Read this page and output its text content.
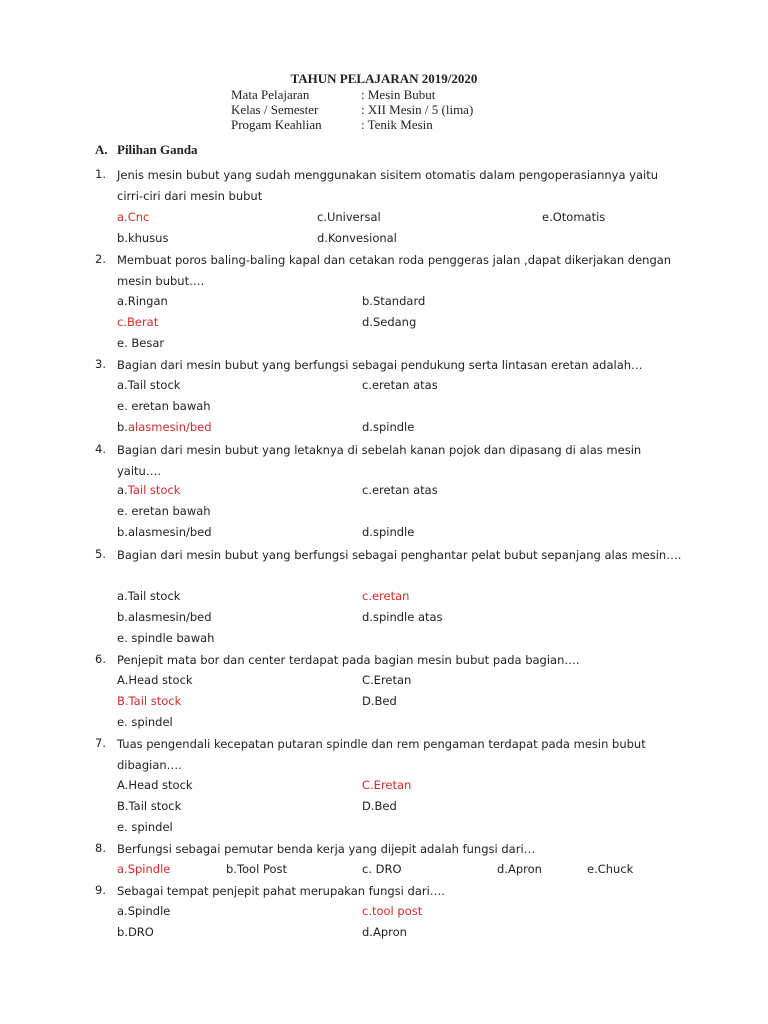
TAHUN PELAJARAN 2019/2020
Mata Pelajaran	: Mesin Bubut
Kelas / Semester	: XII Mesin / 5 (lima)
Progam Keahlian	: Tenik Mesin
A. Pilihan Ganda
1. Jenis mesin bubut yang sudah menggunakan sisitem otomatis dalam pengoperasiannya yaitu cirri-ciri dari mesin bubut
a.Cnc	c.Universal	e.Otomatis
b.khusus	d.Konvesional
2. Membuat poros baling-baling kapal dan cetakan roda penggeras jalan ,dapat dikerjakan dengan mesin bubut….
a.Ringan	b.Standard
c.Berat	d.Sedang
e. Besar
3. Bagian dari mesin bubut yang berfungsi sebagai pendukung serta lintasan eretan adalah…
a.Tail stock	c.eretan atas
e. eretan bawah
b.alasmesin/bed	d.spindle
4. Bagian dari mesin bubut yang letaknya di sebelah kanan pojok dan dipasang di alas mesin yaitu….
a.Tail stock	c.eretan atas
e. eretan bawah
b.alasmesin/bed	d.spindle
5. Bagian dari mesin bubut yang berfungsi sebagai penghantar pelat bubut sepanjang alas mesin….
a.Tail stock	c.eretan
b.alasmesin/bed	d.spindle atas
e. spindle bawah
6. Penjepit mata bor dan center terdapat pada bagian mesin bubut pada bagian….
A.Head stock	C.Eretan
B.Tail stock	D.Bed
e. spindel
7. Tuas pengendali kecepatan putaran spindle dan rem pengaman terdapat pada mesin bubut dibagian….
A.Head stock	C.Eretan
B.Tail stock	D.Bed
e. spindel
8. Berfungsi sebagai pemutar benda kerja yang dijepit adalah fungsi dari…
a.Spindle	b.Tool Post	c. DRO	d.Apron	e.Chuck
9. Sebagai tempat penjepit pahat merupakan fungsi dari….
a.Spindle	c.tool post
b.DRO	d.Apron
